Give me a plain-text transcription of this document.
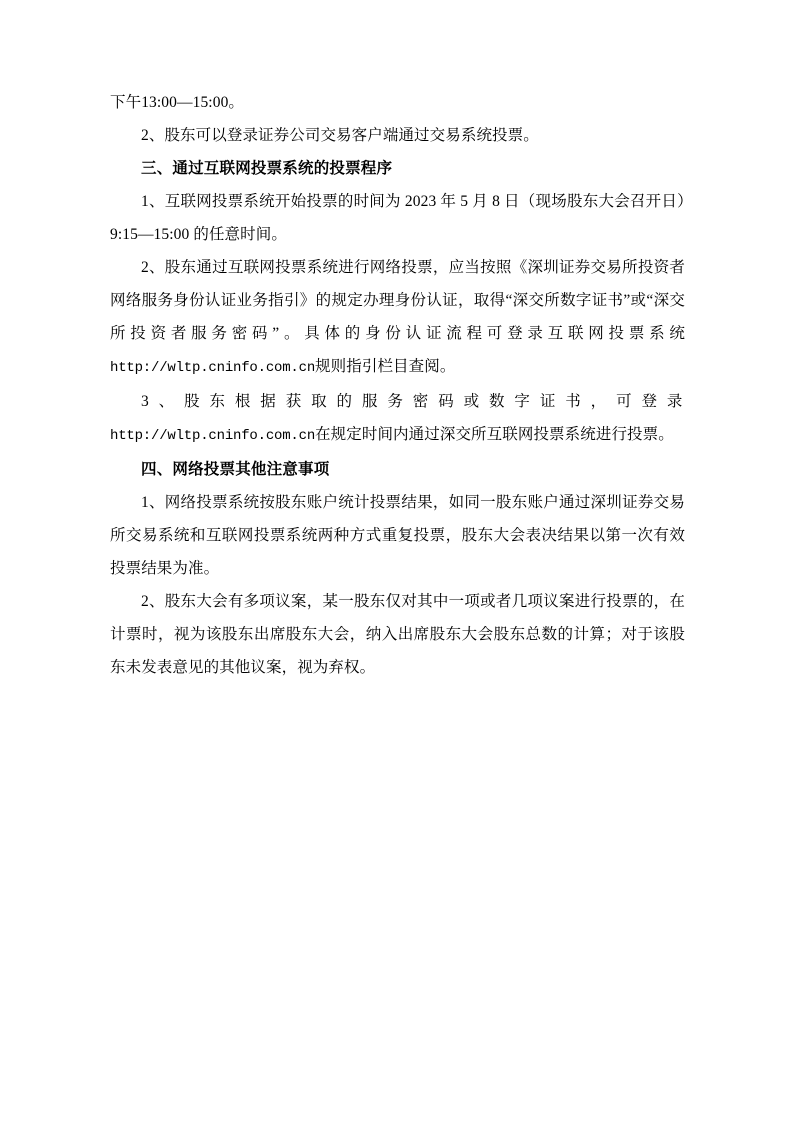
下午13:00—15:00。

2、股东可以登录证券公司交易客户端通过交易系统投票。

三、通过互联网投票系统的投票程序

1、互联网投票系统开始投票的时间为 2023 年 5 月 8 日（现场股东大会召开日）9:15—15:00 的任意时间。

2、股东通过互联网投票系统进行网络投票，应当按照《深圳证券交易所投资者网络服务身份认证业务指引》的规定办理身份认证，取得“深交所数字证书”或“深交所投资者服务密码”。具体的身份认证流程可登录互联网投票系统http://wltp.cninfo.com.cn规则指引栏目查阅。

3、股东根据获取的服务密码或数字证书，可登录http://wltp.cninfo.com.cn在规定时间内通过深交所互联网投票系统进行投票。

四、网络投票其他注意事项

1、网络投票系统按股东账户统计投票结果，如同一股东账户通过深圳证券交易所交易系统和互联网投票系统两种方式重复投票，股东大会表决结果以第一次有效投票结果为准。

2、股东大会有多项议案，某一股东仅对其中一项或者几项议案进行投票的，在计票时，视为该股东出席股东大会，纳入出席股东大会股东总数的计算；对于该股东未发表意见的其他议案，视为弃权。
